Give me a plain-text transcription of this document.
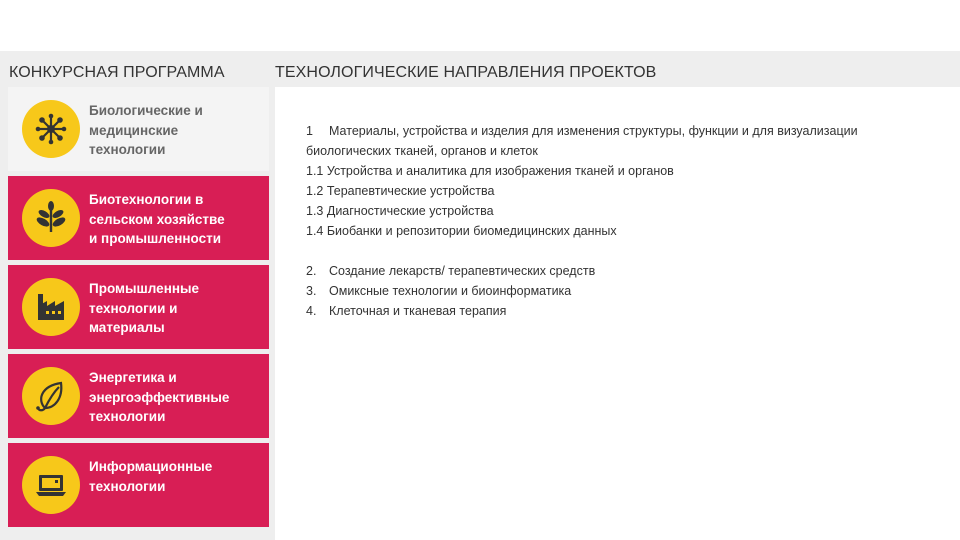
КОНКУРСНАЯ ПРОГРАММА	ТЕХНОЛОГИЧЕСКИЕ НАПРАВЛЕНИЯ ПРОЕКТОВ
Биологические и
медицинские
технологии
Биотехнологии в
сельском хозяйстве
и промышленности
Промышленные
технологии и
материалы
Энергетика и
энергоэффективные
технологии
Информационные
технологии

1 Материалы, устройства и изделия для изменения структуры, функции и для визуализации

биологических тканей, органов и клеток

1.1 Устройства и аналитика для изображения тканей и органов

1.2 Терапевтические устройства

1.3 Диагностические устройства

1.4 Биобанки и репозитории биомедицинских данных

2. Создание лекарств/ терапевтических средств

3. Омиксные технологии и биоинформатика

4. Клеточная и тканевая терапия
